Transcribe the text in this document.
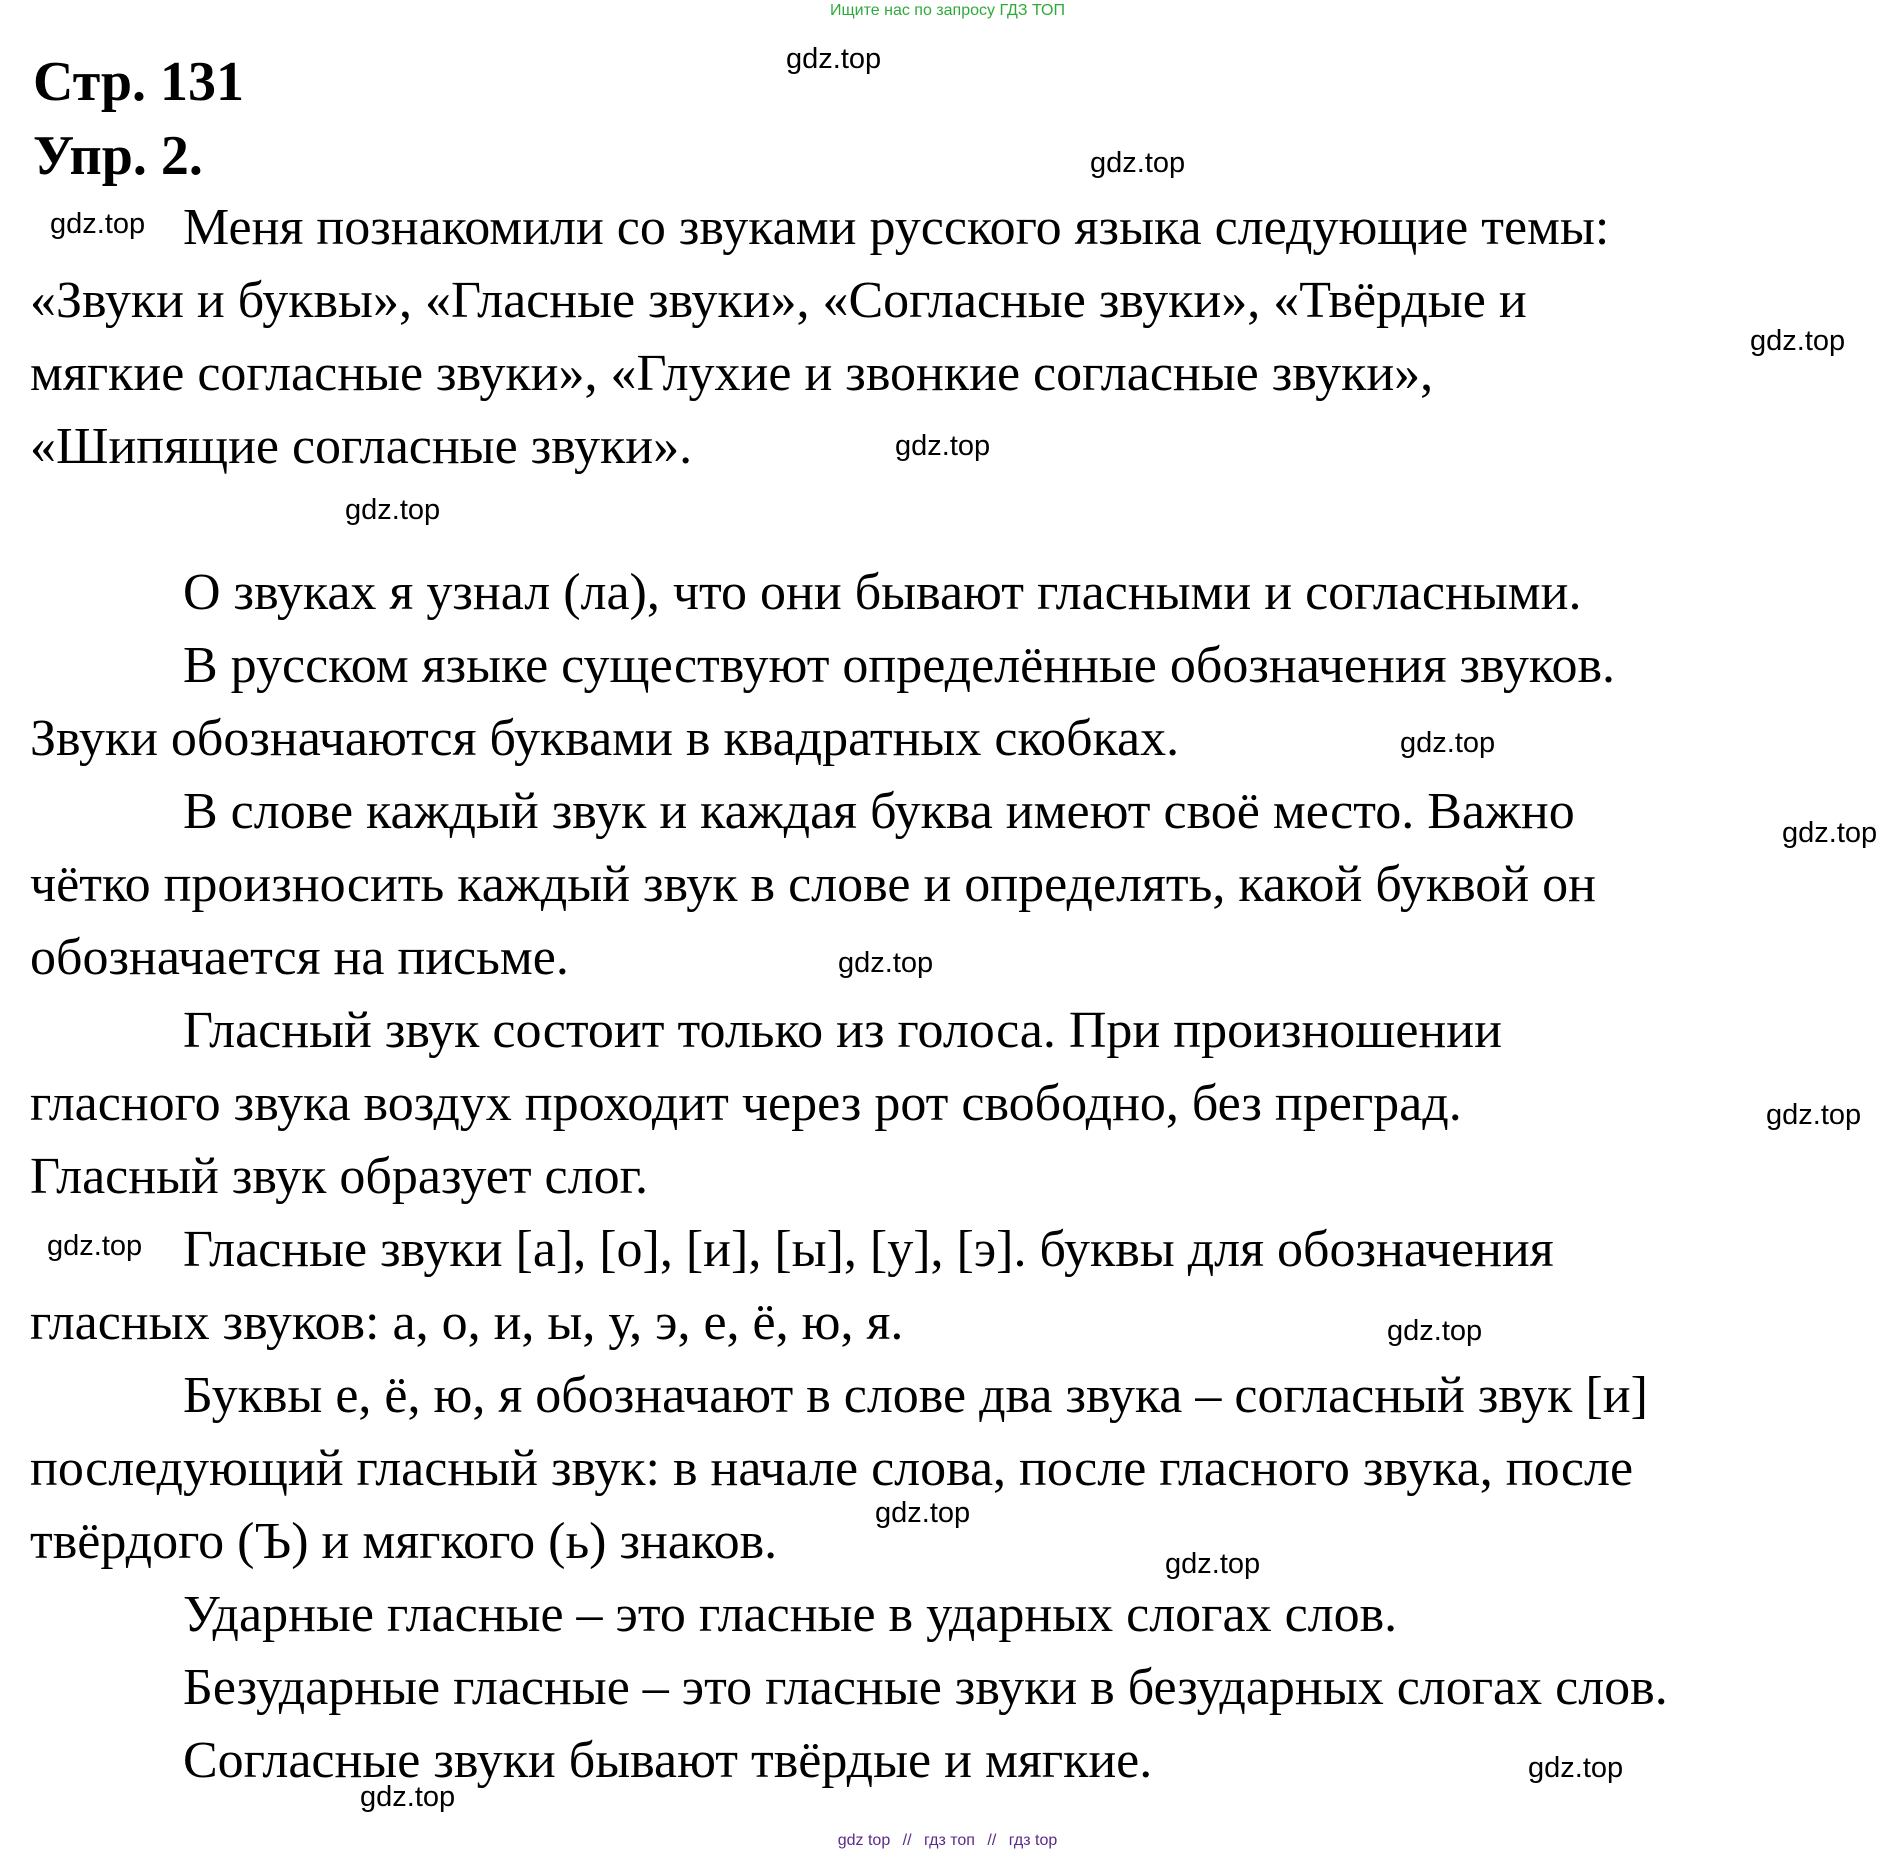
Ищите нас по запросу ГДЗ ТОП
Стр. 131
Упр. 2.

Меня познакомили со звуками русского языка следующие темы:

«Звуки и буквы», «Гласные звуки», «Согласные звуки», «Твёрдые и

мягкие согласные звуки», «Глухие и звонкие согласные звуки»,

«Шипящие согласные звуки».

О звуках я узнал (ла), что они бывают гласными и согласными.

В русском языке существуют определённые обозначения звуков.

Звуки обозначаются буквами в квадратных скобках.

В слове каждый звук и каждая буква имеют своё место. Важно

чётко произносить каждый звук в слове и определять, какой буквой он

обозначается на письме.

Гласный звук состоит только из голоса. При произношении

гласного звука воздух проходит через рот свободно, без преград.

Гласный звук образует слог.

Гласные звуки [а], [о], [и], [ы], [у], [э]. буквы для обозначения

гласных звуков: а, о, и, ы, у, э, е, ё, ю, я.

Буквы е, ё, ю, я обозначают в слове два звука – согласный звук [и]

последующий гласный звук: в начале слова, после гласного звука, после

твёрдого (Ъ) и мягкого (ь) знаков.

Ударные гласные – это гласные в ударных слогах слов.

Безударные гласные – это гласные звуки в безударных слогах слов.

Согласные звуки бывают твёрдые и мягкие.

gdz.top
gdz.top
gdz.top
gdz.top
gdz.top
gdz.top
gdz.top
gdz.top
gdz.top
gdz.top
gdz.top
gdz.top
gdz.top
gdz.top
gdz.top
gdz.top
gdz top // гдз топ // гдз top
